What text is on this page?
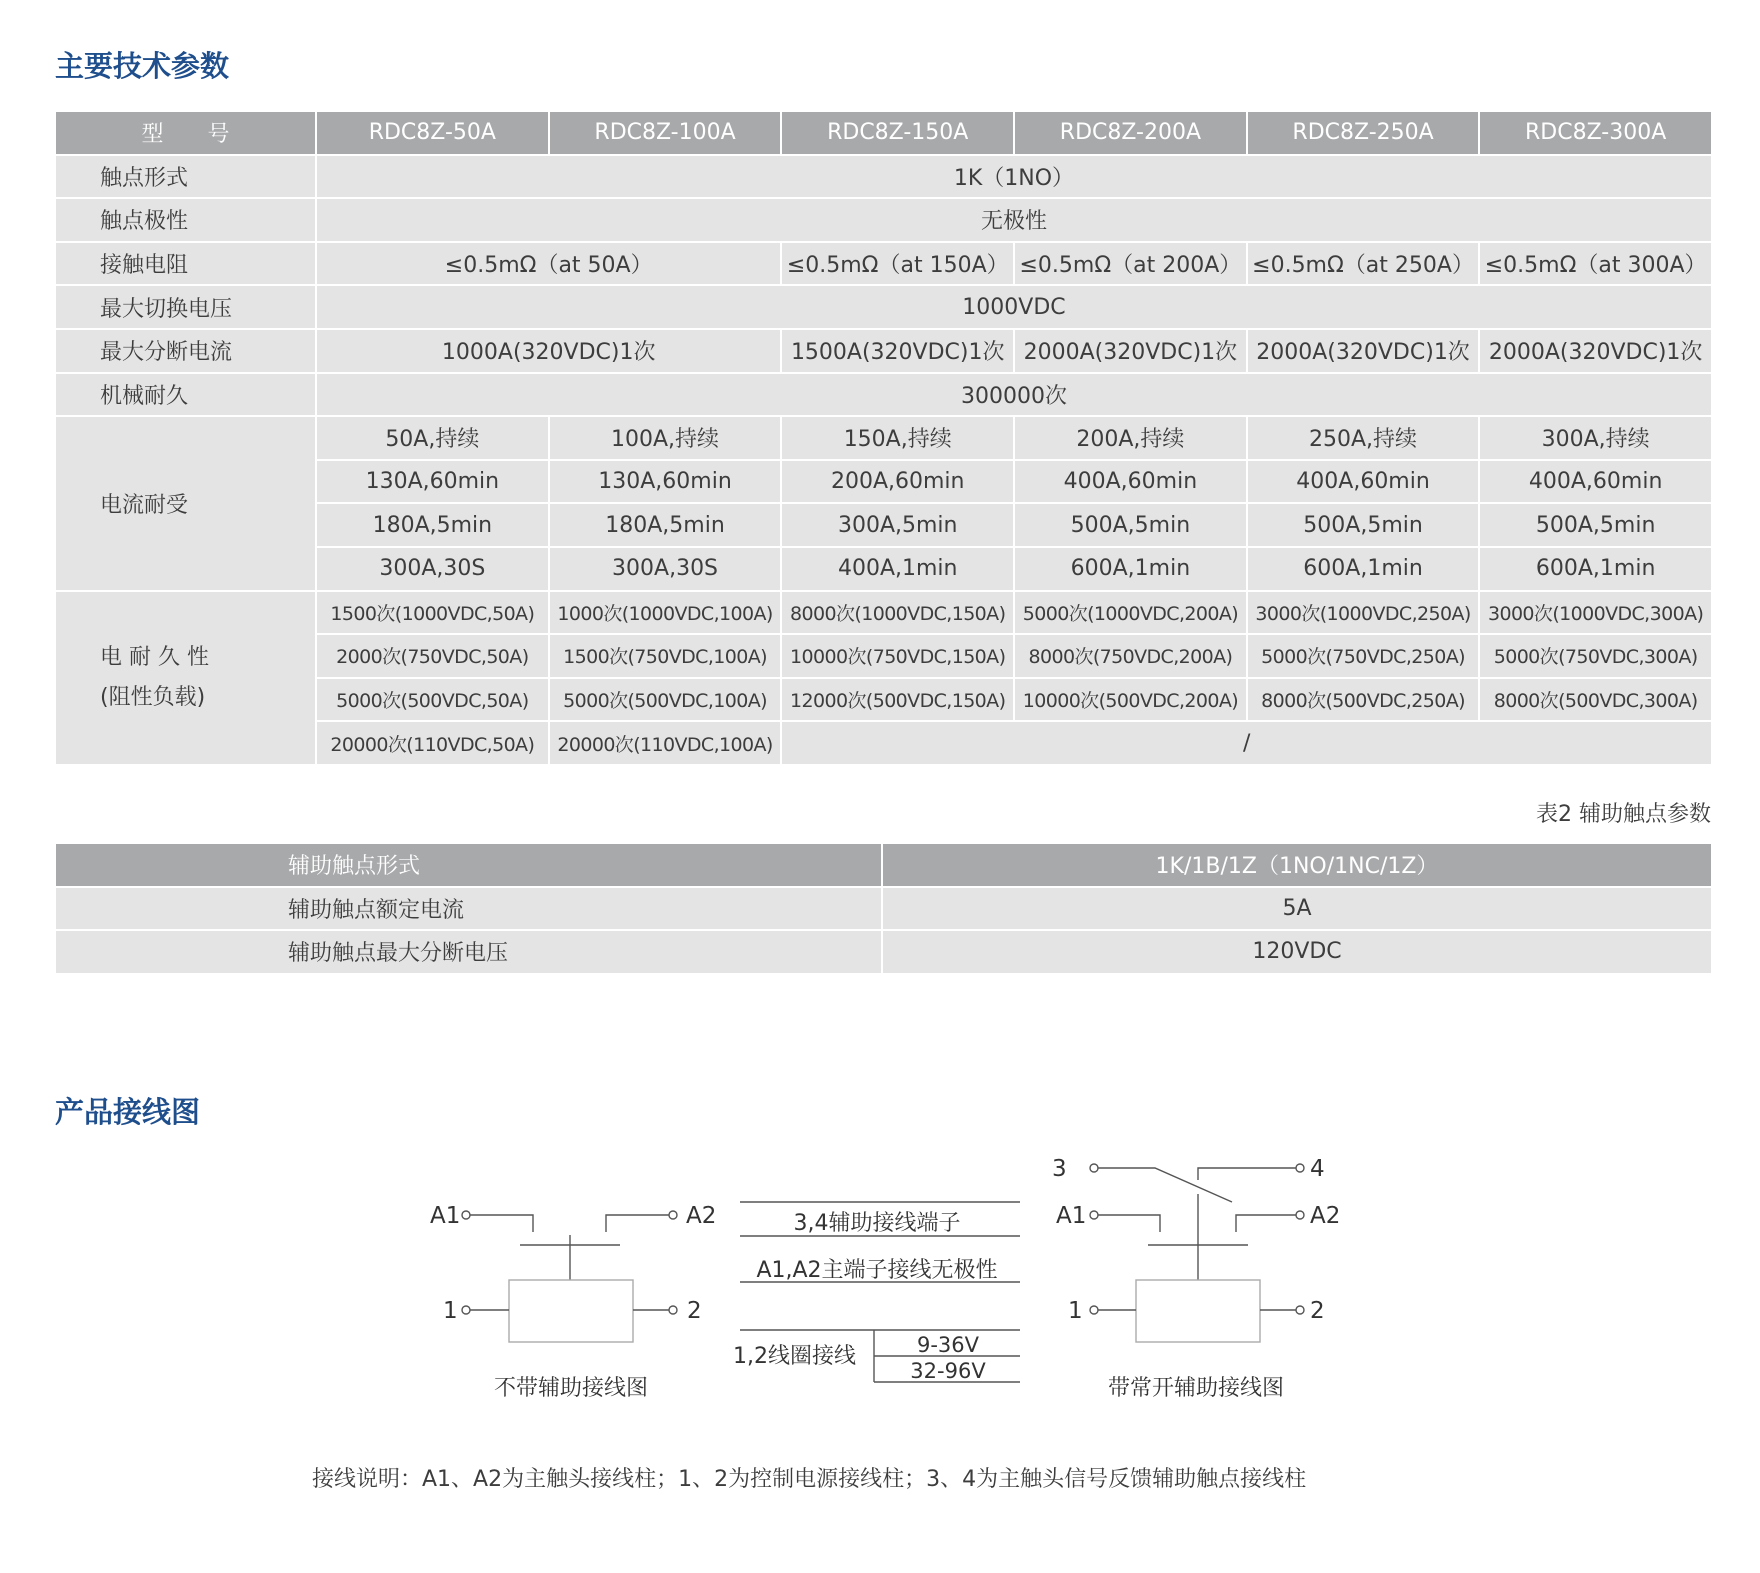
主要技术参数
型　　号	RDC8Z-50A	RDC8Z-100A	RDC8Z-150A	RDC8Z-200A	RDC8Z-250A	RDC8Z-300A
触点形式	1K（1NO）					
触点极性	无极性					
接触电阻	≤0.5mΩ（at 50A）		≤0.5mΩ（at 150A）	≤0.5mΩ（at 200A）	≤0.5mΩ（at 250A）	≤0.5mΩ（at 300A）
最大切换电压	1000VDC					
最大分断电流	1000A(320VDC)1次		1500A(320VDC)1次	2000A(320VDC)1次	2000A(320VDC)1次	2000A(320VDC)1次
机械耐久	300000次					
电流耐受	50A,持续	100A,持续	150A,持续	200A,持续	250A,持续	300A,持续
	130A,60min	130A,60min	200A,60min	400A,60min	400A,60min	400A,60min
	180A,5min	180A,5min	300A,5min	500A,5min	500A,5min	500A,5min
	300A,30S	300A,30S	400A,1min	600A,1min	600A,1min	600A,1min
电 耐 久 性
(阻性负载)	1500次(1000VDC,50A)	1000次(1000VDC,100A)	8000次(1000VDC,150A)	5000次(1000VDC,200A)	3000次(1000VDC,250A)	3000次(1000VDC,300A)
	2000次(750VDC,50A)	1500次(750VDC,100A)	10000次(750VDC,150A)	8000次(750VDC,200A)	5000次(750VDC,250A)	5000次(750VDC,300A)
	5000次(500VDC,50A)	5000次(500VDC,100A)	12000次(500VDC,150A)	10000次(500VDC,200A)	8000次(500VDC,250A)	8000次(500VDC,300A)
	20000次(110VDC,50A)	20000次(110VDC,100A)	/			
表2 辅助触点参数
辅助触点形式	1K/1B/1Z（1NO/1NC/1Z）
辅助触点额定电流	5A
辅助触点最大分断电压	120VDC
产品接线图
A1	A2
1	2
不带辅助接线图
3,4辅助接线端子
A1,A2主端子接线无极性
1,2线圈接线	9-36V
32-96V
3	4
A1	A2
1	2
带常开辅助接线图
接线说明：A1、A2为主触头接线柱；1、2为控制电源接线柱；3、4为主触头信号反馈辅助触点接线柱
